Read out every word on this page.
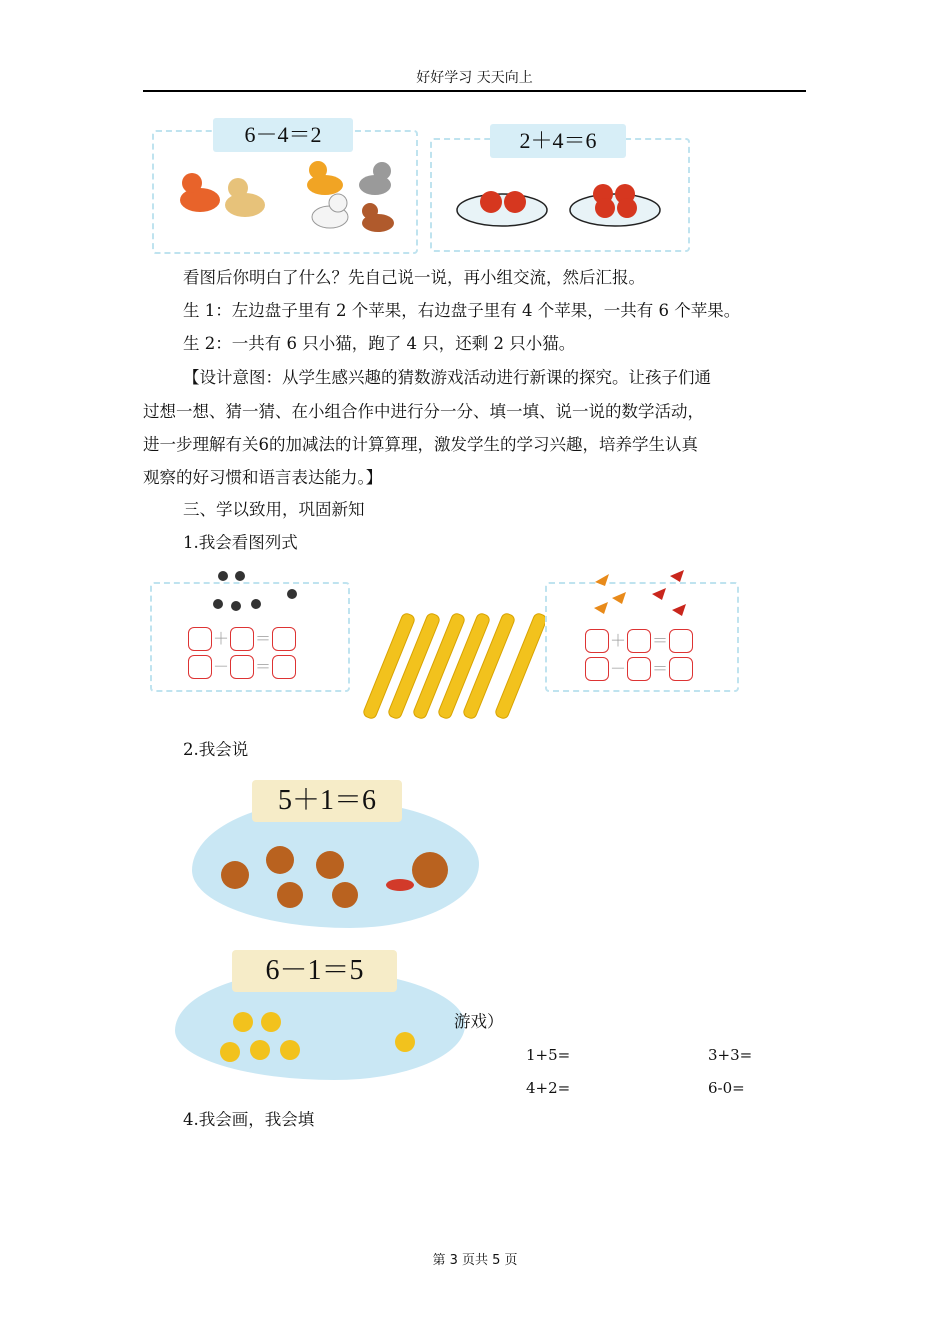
好好学习 天天向上
6－4＝2	2＋4＝6
看图后你明白了什么？先自己说一说，再小组交流，然后汇报。
生 1：左边盘子里有 2 个苹果，右边盘子里有 4 个苹果，一共有 6 个苹果。
生 2：一共有 6 只小猫，跑了 4 只，还剩 2 只小猫。
【设计意图：从学生感兴趣的猜数游戏活动进行新课的探究。让孩子们通
过想一想、猜一猜、在小组合作中进行分一分、填一填、说一说的数学活动，
进一步理解有关6的加减法的计算算理，激发学生的学习兴趣，培养学生认真
观察的好习惯和语言表达能力。】
三、学以致用，巩固新知
1.我会看图列式
＋ ＝
－ ＝
＋ ＝
－ ＝
2.我会说
5＋1＝6
6－1＝5
游戏）
1+5=	3+3=
4+2=	6-0=
4.我会画，我会填
第 3 页共 5 页
